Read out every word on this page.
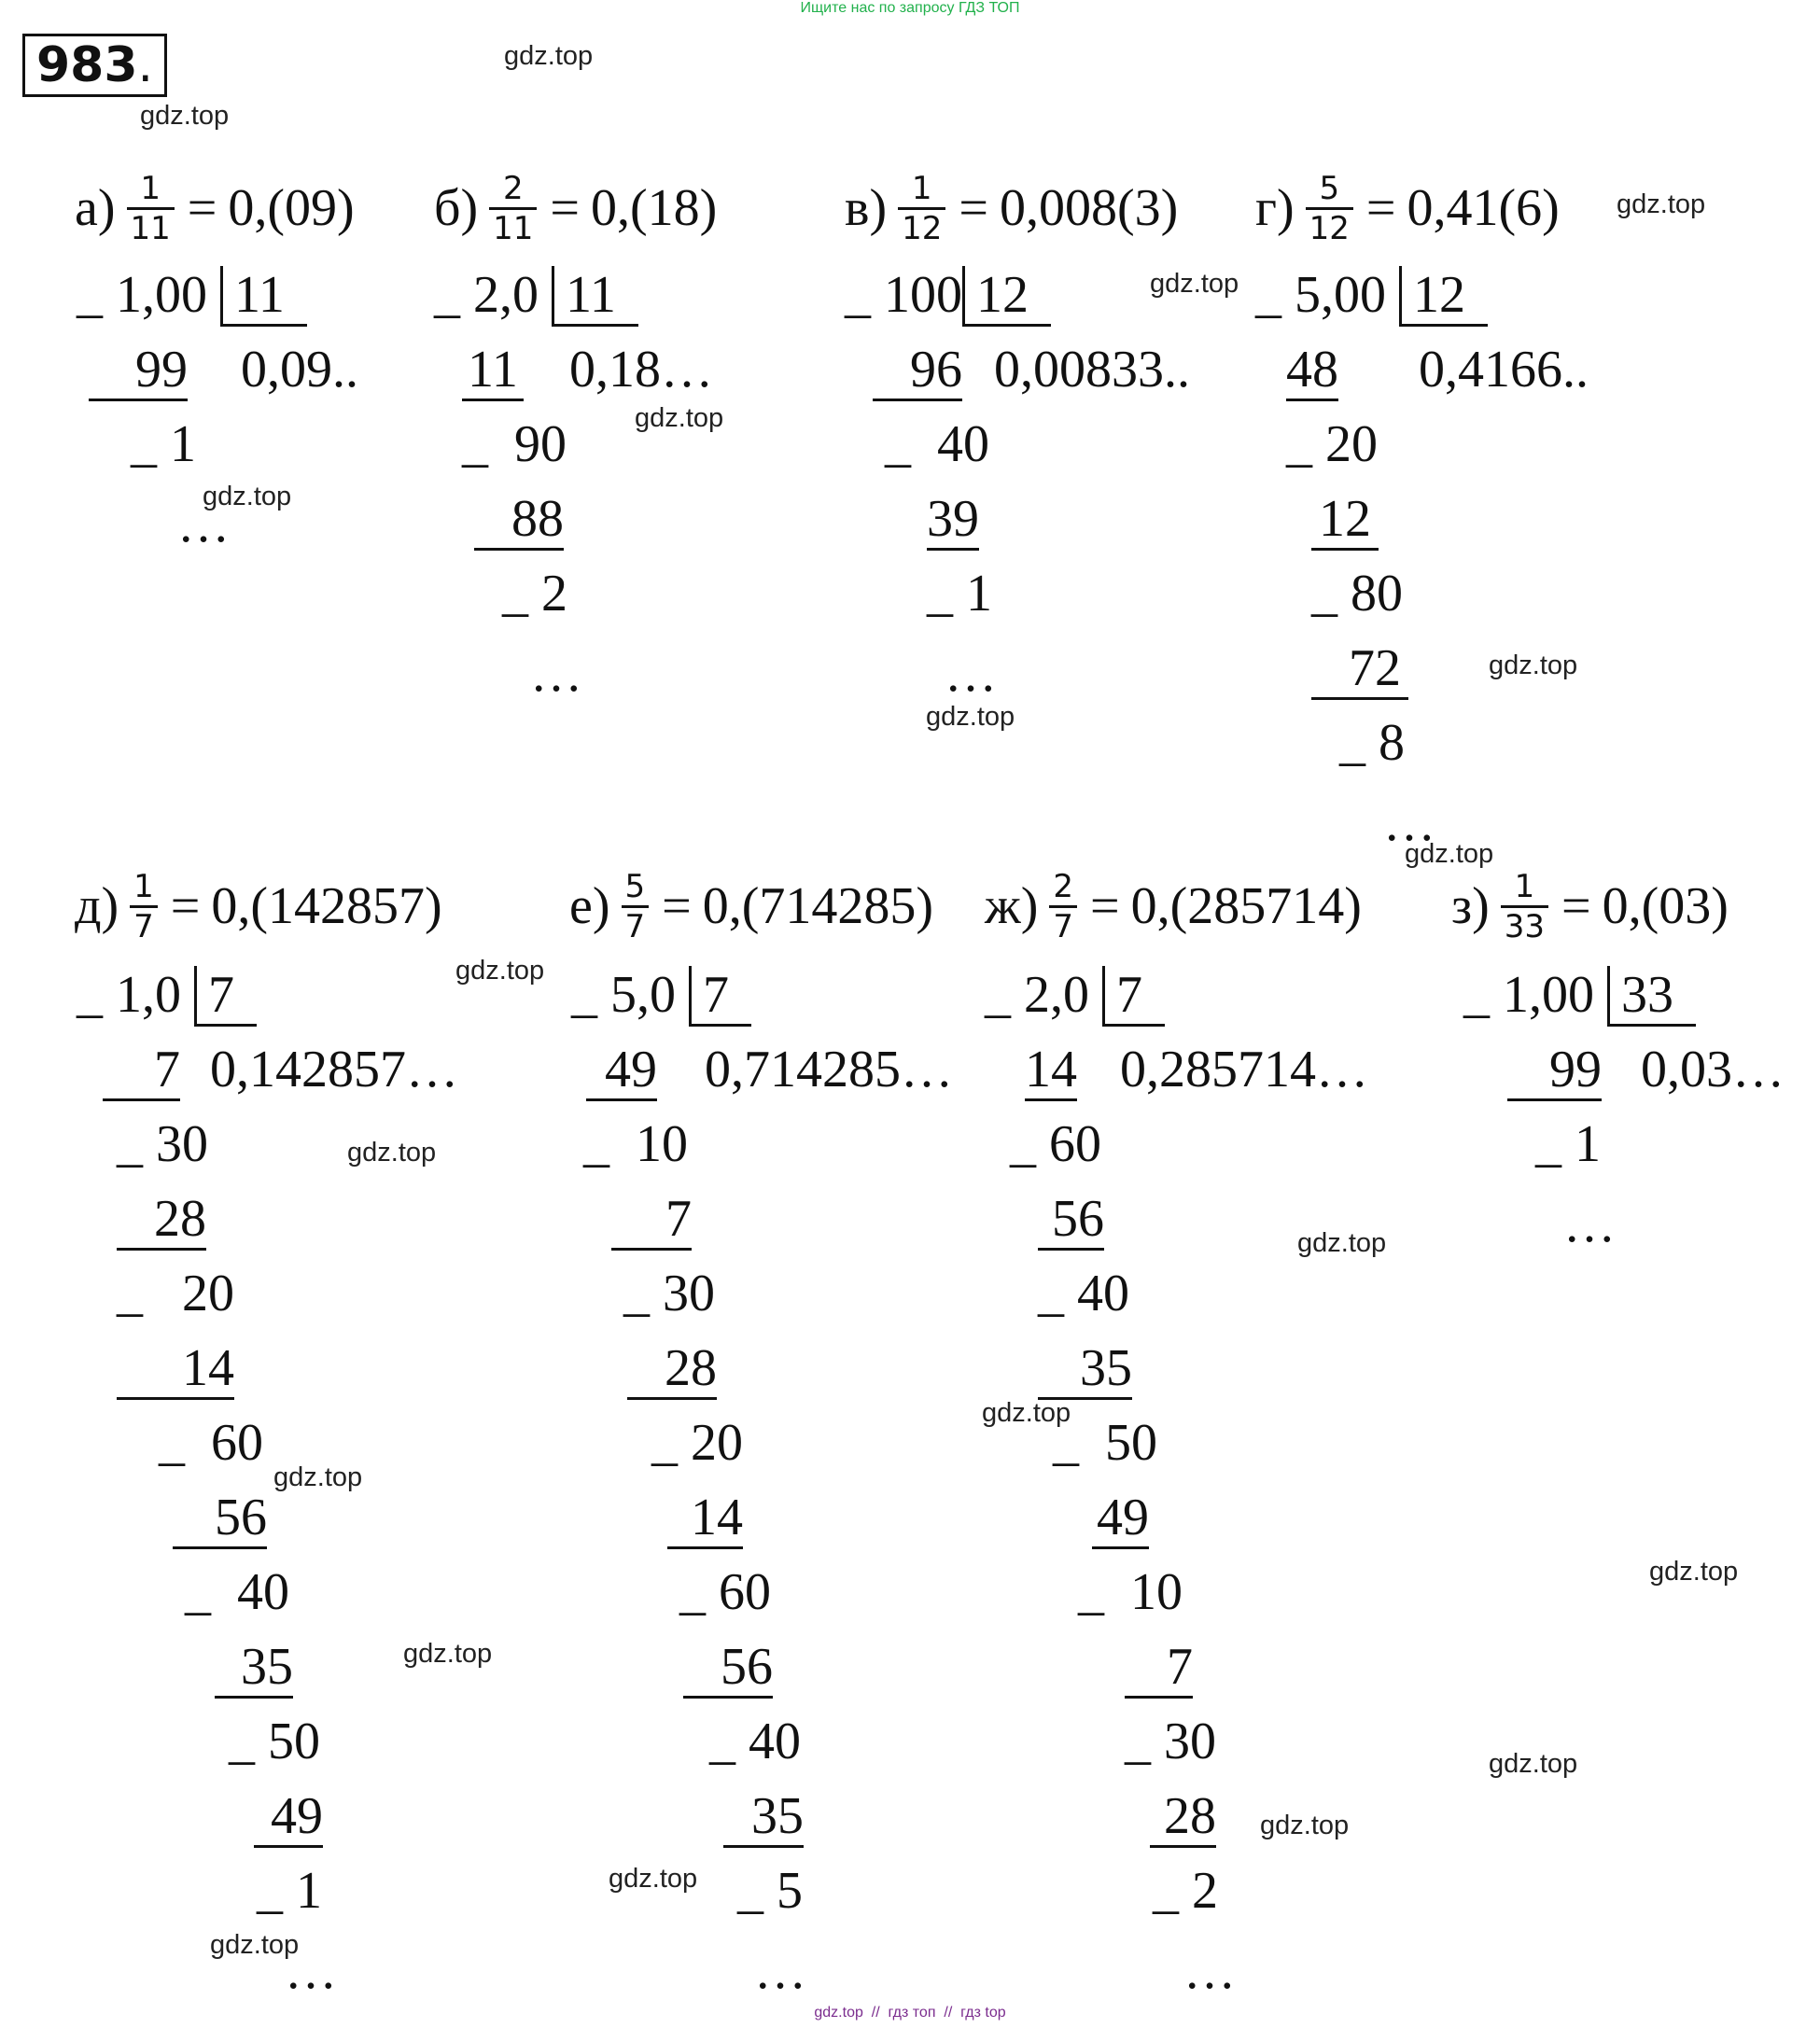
Ищите нас по запросу ГДЗ ТОП
gdz.top  //  гдз топ  //  гдз top
983.	gdz.top
gdz.top
gdz.top
gdz.top
gdz.top
gdz.top
gdz.top
gdz.top
gdz.top
gdz.top
gdz.top
gdz.top
gdz.top
gdz.top
gdz.top
gdz.top
gdz.top
gdz.top
gdz.top
gdz.top
$а) \frac{1}{11} = 0,(09)$
_ 1,00 11
99 0,09..
_ 1
…
$б) \frac{2}{11} = 0,(18)$
_ 2,0 11
11 0,18…
_  90
88
_ 2
…
$в) \frac{1}{12} = 0,008(3)$
_ 100 12
96 0,00833..
_  40
39
_ 1
…
$г) \frac{5}{12} = 0,41(6)$
_ 5,00 12
48 0,4166..
_ 20
12
_ 80
72
_ 8
…
$д) \frac{1}{7} = 0,(142857)$
_ 1,0 7
7 0,142857…
_ 30
28
_   20
14
_  60
56
_  40
35
_ 50
49
_ 1
…
$е) \frac{5}{7} = 0,(714285)$
_ 5,0 7
49 0,714285…
_  10
7
_ 30
28
_ 20
14
_ 60
56
_ 40
35
_ 5
…
$ж) \frac{2}{7} = 0,(285714)$
_ 2,0 7
14 0,285714…
_ 60
56
_ 40
35
_  50
49
_  10
7
_ 30
28
_ 2
…
$з) \frac{1}{33} = 0,(03)$
_ 1,00 33
99 0,03…
_ 1
…
